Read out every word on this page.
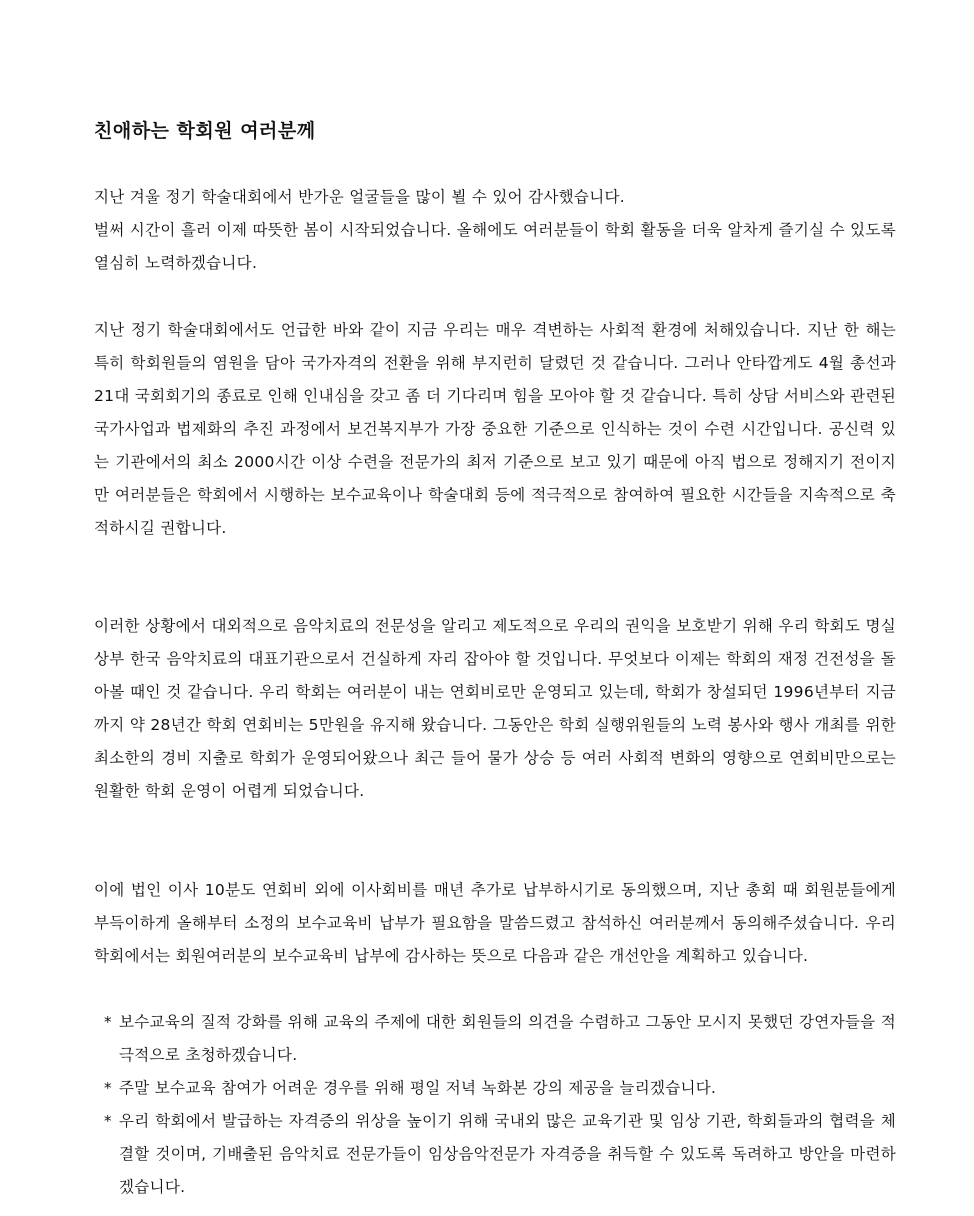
친애하는 학회원 여러분께
지난 겨울 정기 학술대회에서 반가운 얼굴들을 많이 뵐 수 있어 감사했습니다.
벌써 시간이 흘러 이제 따뜻한 봄이 시작되었습니다. 올해에도 여러분들이 학회 활동을 더욱 알차게 즐기실 수 있도록 열심히 노력하겠습니다.
지난 정기 학술대회에서도 언급한 바와 같이 지금 우리는 매우 격변하는 사회적 환경에 처해있습니다. 지난 한 해는 특히 학회원들의 염원을 담아 국가자격의 전환을 위해 부지런히 달렸던 것 같습니다. 그러나 안타깝게도 4월 총선과 21대 국회회기의 종료로 인해 인내심을 갖고 좀 더 기다리며 힘을 모아야 할 것 같습니다. 특히 상담 서비스와 관련된 국가사업과 법제화의 추진 과정에서 보건복지부가 가장 중요한 기준으로 인식하는 것이 수련 시간입니다. 공신력 있는 기관에서의 최소 2000시간 이상 수련을 전문가의 최저 기준으로 보고 있기 때문에 아직 법으로 정해지기 전이지만 여러분들은 학회에서 시행하는 보수교육이나 학술대회 등에 적극적으로 참여하여 필요한 시간들을 지속적으로 축적하시길 권합니다.
이러한 상황에서 대외적으로 음악치료의 전문성을 알리고 제도적으로 우리의 권익을 보호받기 위해 우리 학회도 명실상부 한국 음악치료의 대표기관으로서 건실하게 자리 잡아야 할 것입니다. 무엇보다 이제는 학회의 재정 건전성을 돌아볼 때인 것 같습니다. 우리 학회는 여러분이 내는 연회비로만 운영되고 있는데, 학회가 창설되던 1996년부터 지금까지 약 28년간 학회 연회비는 5만원을 유지해 왔습니다. 그동안은 학회 실행위원들의 노력 봉사와 행사 개최를 위한 최소한의 경비 지출로 학회가 운영되어왔으나 최근 들어 물가 상승 등 여러 사회적 변화의 영향으로 연회비만으로는 원활한 학회 운영이 어렵게 되었습니다.
이에 법인 이사 10분도 연회비 외에 이사회비를 매년 추가로 납부하시기로 동의했으며, 지난 총회 때 회원분들에게 부득이하게 올해부터 소정의 보수교육비 납부가 필요함을 말씀드렸고 참석하신 여러분께서 동의해주셨습니다. 우리 학회에서는 회원여러분의 보수교육비 납부에 감사하는 뜻으로 다음과 같은 개선안을 계획하고 있습니다.
* 보수교육의 질적 강화를 위해 교육의 주제에 대한 회원들의 의견을 수렴하고 그동안 모시지 못했던 강연자들을 적극적으로 초청하겠습니다.
* 주말 보수교육 참여가 어려운 경우를 위해 평일 저녁 녹화본 강의 제공을 늘리겠습니다.
* 우리 학회에서 발급하는 자격증의 위상을 높이기 위해 국내외 많은 교육기관 및 임상 기관, 학회들과의 협력을 체결할 것이며, 기배출된 음악치료 전문가들이 임상음악전문가 자격증을 취득할 수 있도록 독려하고 방안을 마련하겠습니다.
